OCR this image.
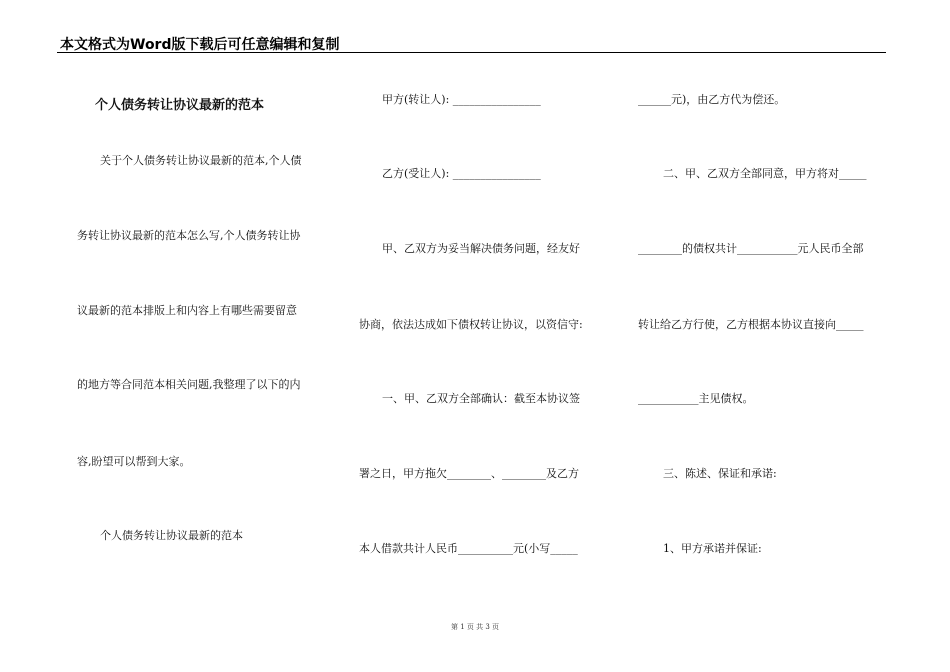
本文格式为Word版下载后可任意编辑和复制
个人债务转让协议最新的范本
关于个人债务转让协议最新的范本,个人债
务转让协议最新的范本怎么写,个人债务转让协
议最新的范本排版上和内容上有哪些需要留意
的地方等合同范本相关问题,我整理了以下的内
容,盼望可以帮到大家。
个人债务转让协议最新的范本
甲方(转让人): ________________
乙方(受让人): ________________
甲、乙双方为妥当解决债务问题，经友好
协商，依法达成如下债权转让协议，以资信守:
一、甲、乙双方全部确认：截至本协议签
署之日，甲方拖欠________、________及乙方
本人借款共计人民币__________元(小写_____
______元)，由乙方代为偿还。
二、甲、乙双方全部同意，甲方将对_____
________的债权共计___________元人民币全部
转让给乙方行使，乙方根据本协议直接向_____
___________主见债权。
三、陈述、保证和承诺:
1、甲方承诺并保证:
第 1 页 共 3 页
